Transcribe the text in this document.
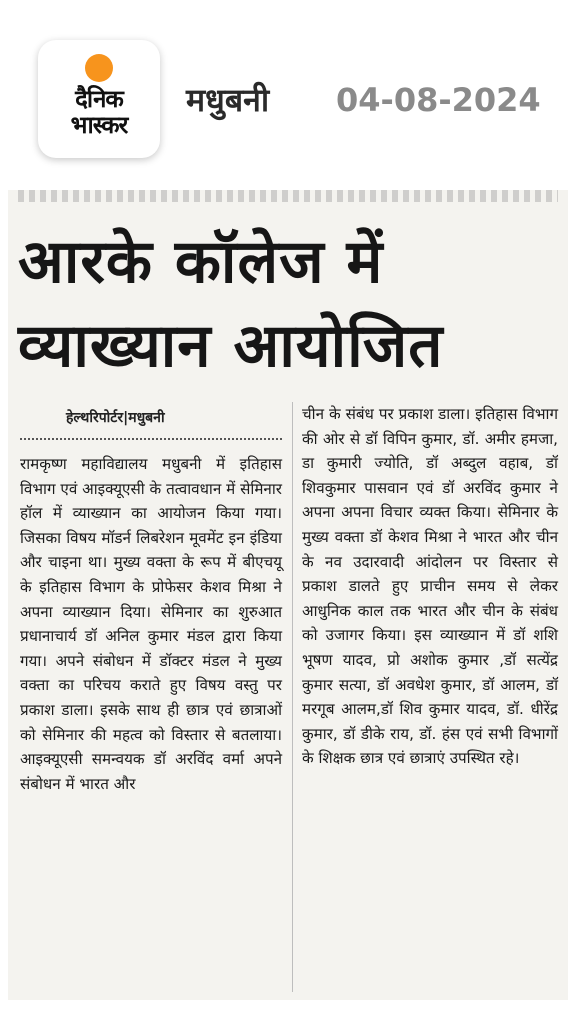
दैनिक
भास्कर
मधुबनी 04-08-2024
आरके कॉलेज में
व्याख्यान आयोजित
हेल्थरिपोर्टर|मधुबनी

रामकृष्ण महाविद्यालय मधुबनी में इतिहास विभाग एवं आइक्यूएसी के तत्वावधान में सेमिनार हॉल में व्याख्यान का आयोजन किया गया। जिसका विषय मॉडर्न लिबरेशन मूवमेंट इन इंडिया और चाइना था। मुख्य वक्ता के रूप में बीएचयू के इतिहास विभाग के प्रोफेसर केशव मिश्रा ने अपना व्याख्यान दिया। सेमिनार का शुरुआत प्रधानाचार्य डॉ अनिल कुमार मंडल द्वारा किया गया। अपने संबोधन में डॉक्टर मंडल ने मुख्य वक्ता का परिचय कराते हुए विषय वस्तु पर प्रकाश डाला। इसके साथ ही छात्र एवं छात्राओं को सेमिनार की महत्व को विस्तार से बतलाया। आइक्यूएसी समन्वयक डॉ अरविंद वर्मा अपने संबोधन में भारत और

चीन के संबंध पर प्रकाश डाला। इतिहास विभाग की ओर से डॉ विपिन कुमार, डॉ. अमीर हमजा, डा कुमारी ज्योति, डॉ अब्दुल वहाब, डॉ शिवकुमार पासवान एवं डॉ अरविंद कुमार ने अपना अपना विचार व्यक्त किया। सेमिनार के मुख्य वक्ता डॉ केशव मिश्रा ने भारत और चीन के नव उदारवादी आंदोलन पर विस्तार से प्रकाश डालते हुए प्राचीन समय से लेकर आधुनिक काल तक भारत और चीन के संबंध को उजागर किया। इस व्याख्यान में डॉ शशि भूषण यादव, प्रो अशोक कुमार ,डॉ सत्येंद्र कुमार सत्या, डॉ अवधेश कुमार, डॉ आलम, डॉ मरगूब आलम,डॉ शिव कुमार यादव, डॉ. धीरेंद्र कुमार, डॉ डीके राय, डॉ. हंस एवं सभी विभागों के शिक्षक छात्र एवं छात्राएं उपस्थित रहे।
